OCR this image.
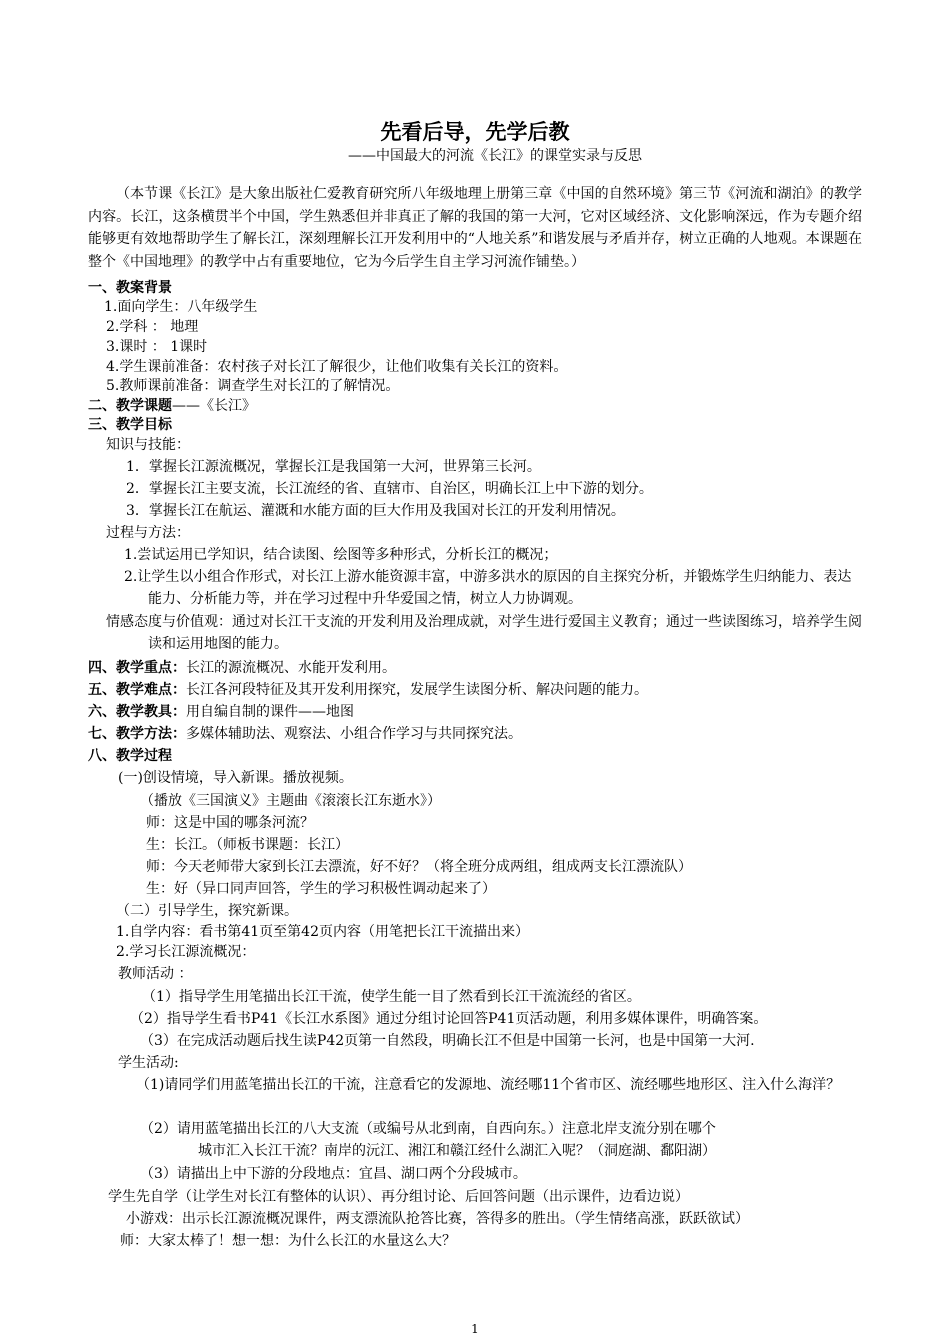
先看后导，先学后教
——中国最大的河流《长江》的课堂实录与反思
（本节课《长江》是大象出版社仁爱教育研究所八年级地理上册第三章《中国的自然环境》第三节《河流和湖泊》的教学内容。长江，这条横贯半个中国，学生熟悉但并非真正了解的我国的第一大河，它对区域经济、文化影响深远，作为专题介绍能够更有效地帮助学生了解长江，深刻理解长江开发利用中的“人地关系”和谐发展与矛盾并存，树立正确的人地观。本课题在整个《中国地理》的教学中占有重要地位，它为今后学生自主学习河流作铺垫。）
一、教案背景
1.面向学生：八年级学生
2.学科 ： 地理
3.课时 ： 1课时
4.学生课前准备：农村孩子对长江了解很少，让他们收集有关长江的资料。
5.教师课前准备：调查学生对长江的了解情况。
二、教学课题——《长江》
三、教学目标
知识与技能：
1．掌握长江源流概况，掌握长江是我国第一大河，世界第三长河。
2．掌握长江主要支流，长江流经的省、直辖市、自治区，明确长江上中下游的划分。
3．掌握长江在航运、灌溉和水能方面的巨大作用及我国对长江的开发利用情况。
过程与方法：
1.尝试运用已学知识，结合读图、绘图等多种形式，分析长江的概况；
2.让学生以小组合作形式，对长江上游水能资源丰富，中游多洪水的原因的自主探究分析，并锻炼学生归纳能力、表达能力、分析能力等，并在学习过程中升华爱国之情，树立人力协调观。
情感态度与价值观：通过对长江干支流的开发利用及治理成就，对学生进行爱国主义教育；通过一些读图练习，培养学生阅读和运用地图的能力。
四、教学重点：长江的源流概况、水能开发利用。
五、教学难点：长江各河段特征及其开发利用探究，发展学生读图分析、解决问题的能力。
六、教学教具：用自编自制的课件——地图
七、教学方法：多媒体辅助法、观察法、小组合作学习与共同探究法。
八、教学过程
(一)创设情境，导入新课。播放视频。
（播放《三国演义》主题曲《滚滚长江东逝水》）
师：这是中国的哪条河流？
生：长江。（师板书课题：长江）
师：今天老师带大家到长江去漂流，好不好？（将全班分成两组，组成两支长江漂流队）
生：好（异口同声回答，学生的学习积极性调动起来了）
（二）引导学生，探究新课。
1.自学内容：看书第41页至第42页内容（用笔把长江干流描出来）
2.学习长江源流概况：
教师活动 ：
（1）指导学生用笔描出长江干流，使学生能一目了然看到长江干流流经的省区。
（2）指导学生看书P41《长江水系图》通过分组讨论回答P41页活动题，利用多媒体课件，明确答案。
（3）在完成活动题后找生读P42页第一自然段，明确长江不但是中国第一长河，也是中国第一大河.
学生活动:
（1)请同学们用蓝笔描出长江的干流，注意看它的发源地、流经哪11个省市区、流经哪些地形区、注入什么海洋？
（2）请用蓝笔描出长江的八大支流（或编号从北到南，自西向东。）注意北岸支流分别在哪个
城市汇入长江干流？南岸的沅江、湘江和赣江经什么湖汇入呢？（洞庭湖、鄱阳湖）
（3）请描出上中下游的分段地点：宜昌、湖口两个分段城市。
学生先自学（让学生对长江有整体的认识）、再分组讨论、后回答问题（出示课件，边看边说）
小游戏：出示长江源流概况课件，两支漂流队抢答比赛，答得多的胜出。（学生情绪高涨，跃跃欲试）
师：大家太棒了！想一想：为什么长江的水量这么大？
1
